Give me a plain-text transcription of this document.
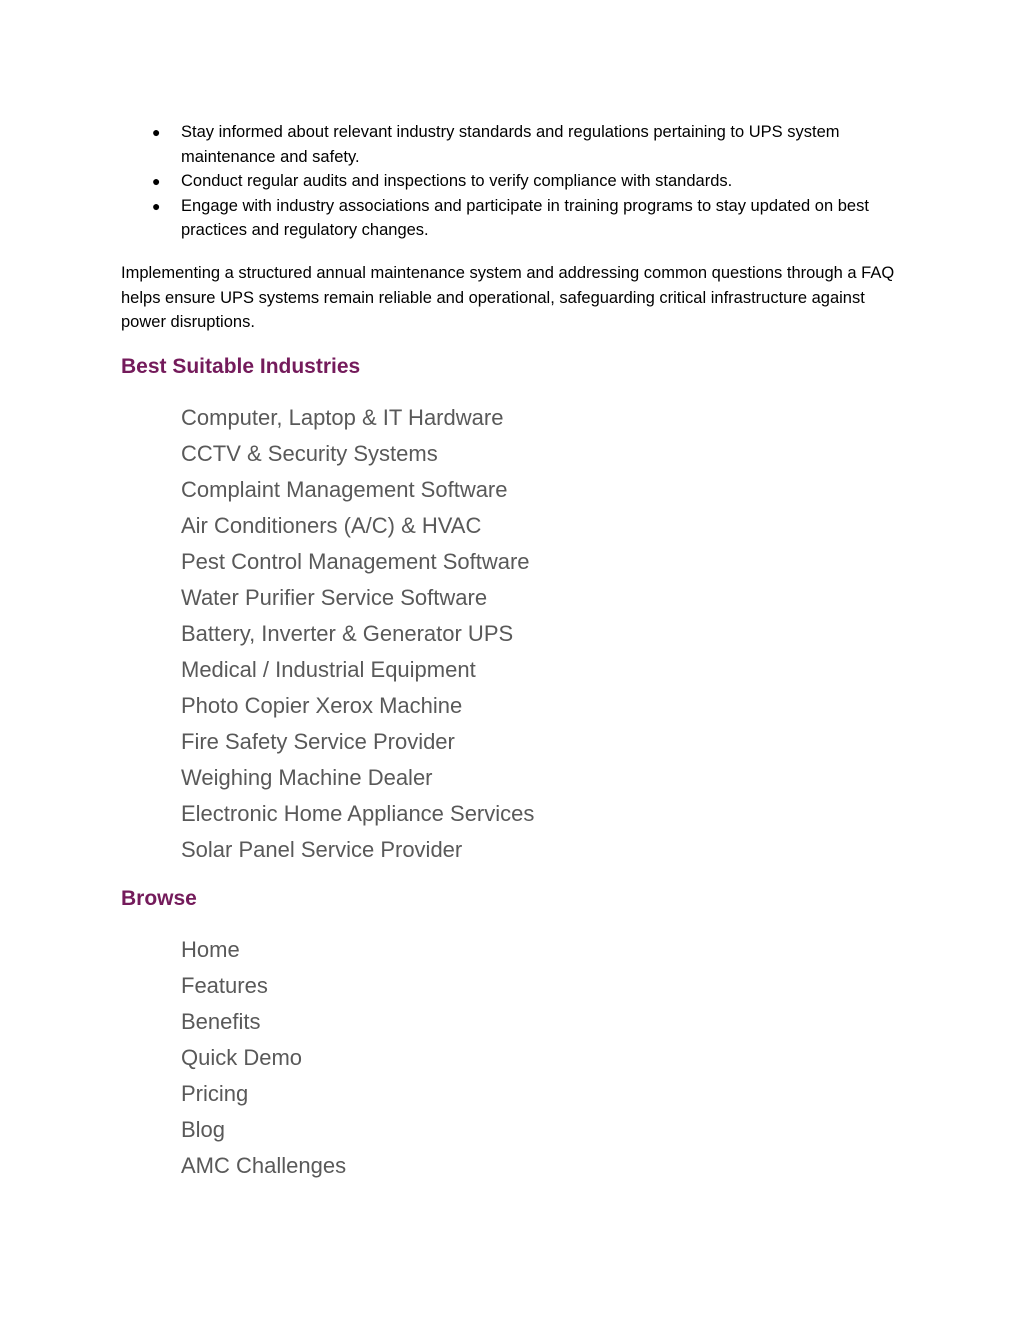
● Stay informed about relevant industry standards and regulations pertaining to UPS system maintenance and safety.
● Conduct regular audits and inspections to verify compliance with standards.
● Engage with industry associations and participate in training programs to stay updated on best practices and regulatory changes.

Implementing a structured annual maintenance system and addressing common questions through a FAQ helps ensure UPS systems remain reliable and operational, safeguarding critical infrastructure against power disruptions.

Best Suitable Industries
Computer, Laptop & IT Hardware
CCTV & Security Systems
Complaint Management Software
Air Conditioners (A/C) & HVAC
Pest Control Management Software
Water Purifier Service Software
Battery, Inverter & Generator UPS
Medical / Industrial Equipment
Photo Copier Xerox Machine
Fire Safety Service Provider
Weighing Machine Dealer
Electronic Home Appliance Services
Solar Panel Service Provider
Browse
Home
Features
Benefits
Quick Demo
Pricing
Blog
AMC Challenges
